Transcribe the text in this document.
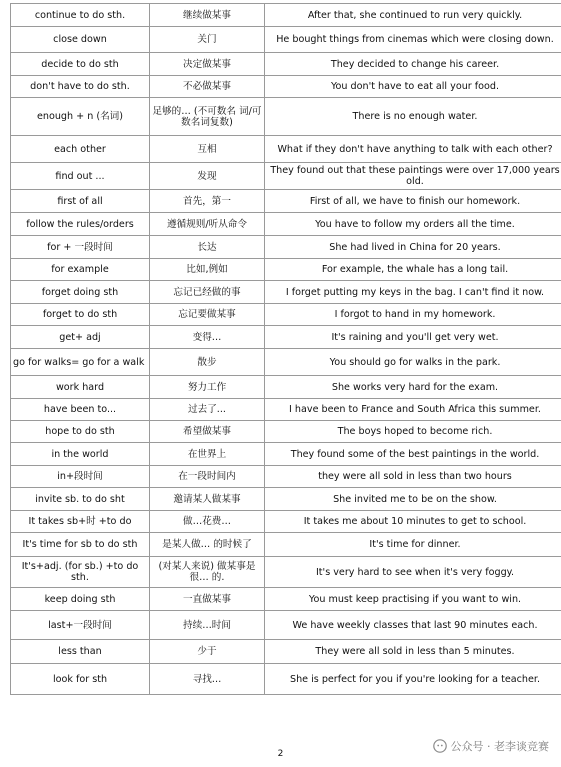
continue to do sth.	继续做某事	After that, she continued to run very quickly.
close down	关门	He bought things from cinemas which were closing down.
decide to do sth	决定做某事	They decided to change his career.
don't have to do sth.	不必做某事	You don't have to eat all your food.
enough + n (名词)	足够的… (不可数名 词/可数名词复数)	There is no enough water.
each other	互相	What if they don't have anything to talk with each other?
find out ...	发现	They found out that these paintings were over 17,000 years old.
first of all	首先，第一	First of all, we have to finish our homework.
follow the rules/orders	遵循规则/听从命令	You have to follow my orders all the time.
for + 一段时间	长达	She had lived in China for 20 years.
for example	比如,例如	For example, the whale has a long tail.
forget doing sth	忘记已经做的事	I forget putting my keys in the bag. I can't find it now.
forget to do sth	忘记要做某事	I forgot to hand in my homework.
get+ adj	变得…	It's raining and you'll get very wet.
go for walks= go for a walk	散步	You should go for walks in the park.
work hard	努力工作	She works very hard for the exam.
have been to...	过去了...	I have been to France and South Africa this summer.
hope to do sth	希望做某事	The boys hoped to become rich.
in the world	在世界上	They found some of the best paintings in the world.
in+段时间	在一段时间内	they were all sold in less than two hours
invite sb. to do sht	邀请某人做某事	She invited me to be on the show.
It takes sb+时 +to do	做…花费…	It takes me about 10 minutes to get to school.
It's time for sb to do sth	是某人做… 的时候了	It's time for dinner.
It's+adj. (for sb.) +to do sth.	(对某人来说) 做某事是很… 的.	It's very hard to see when it's very foggy.
keep doing sth	一直做某事	You must keep practising if you want to win.
last+一段时间	持续…时间	We have weekly classes that last 90 minutes each.
less than	少于	They were all sold in less than 5 minutes.
look for sth	寻找…	She is perfect for you if you're looking for a teacher.
2
公众号 · 老李谈竞赛
